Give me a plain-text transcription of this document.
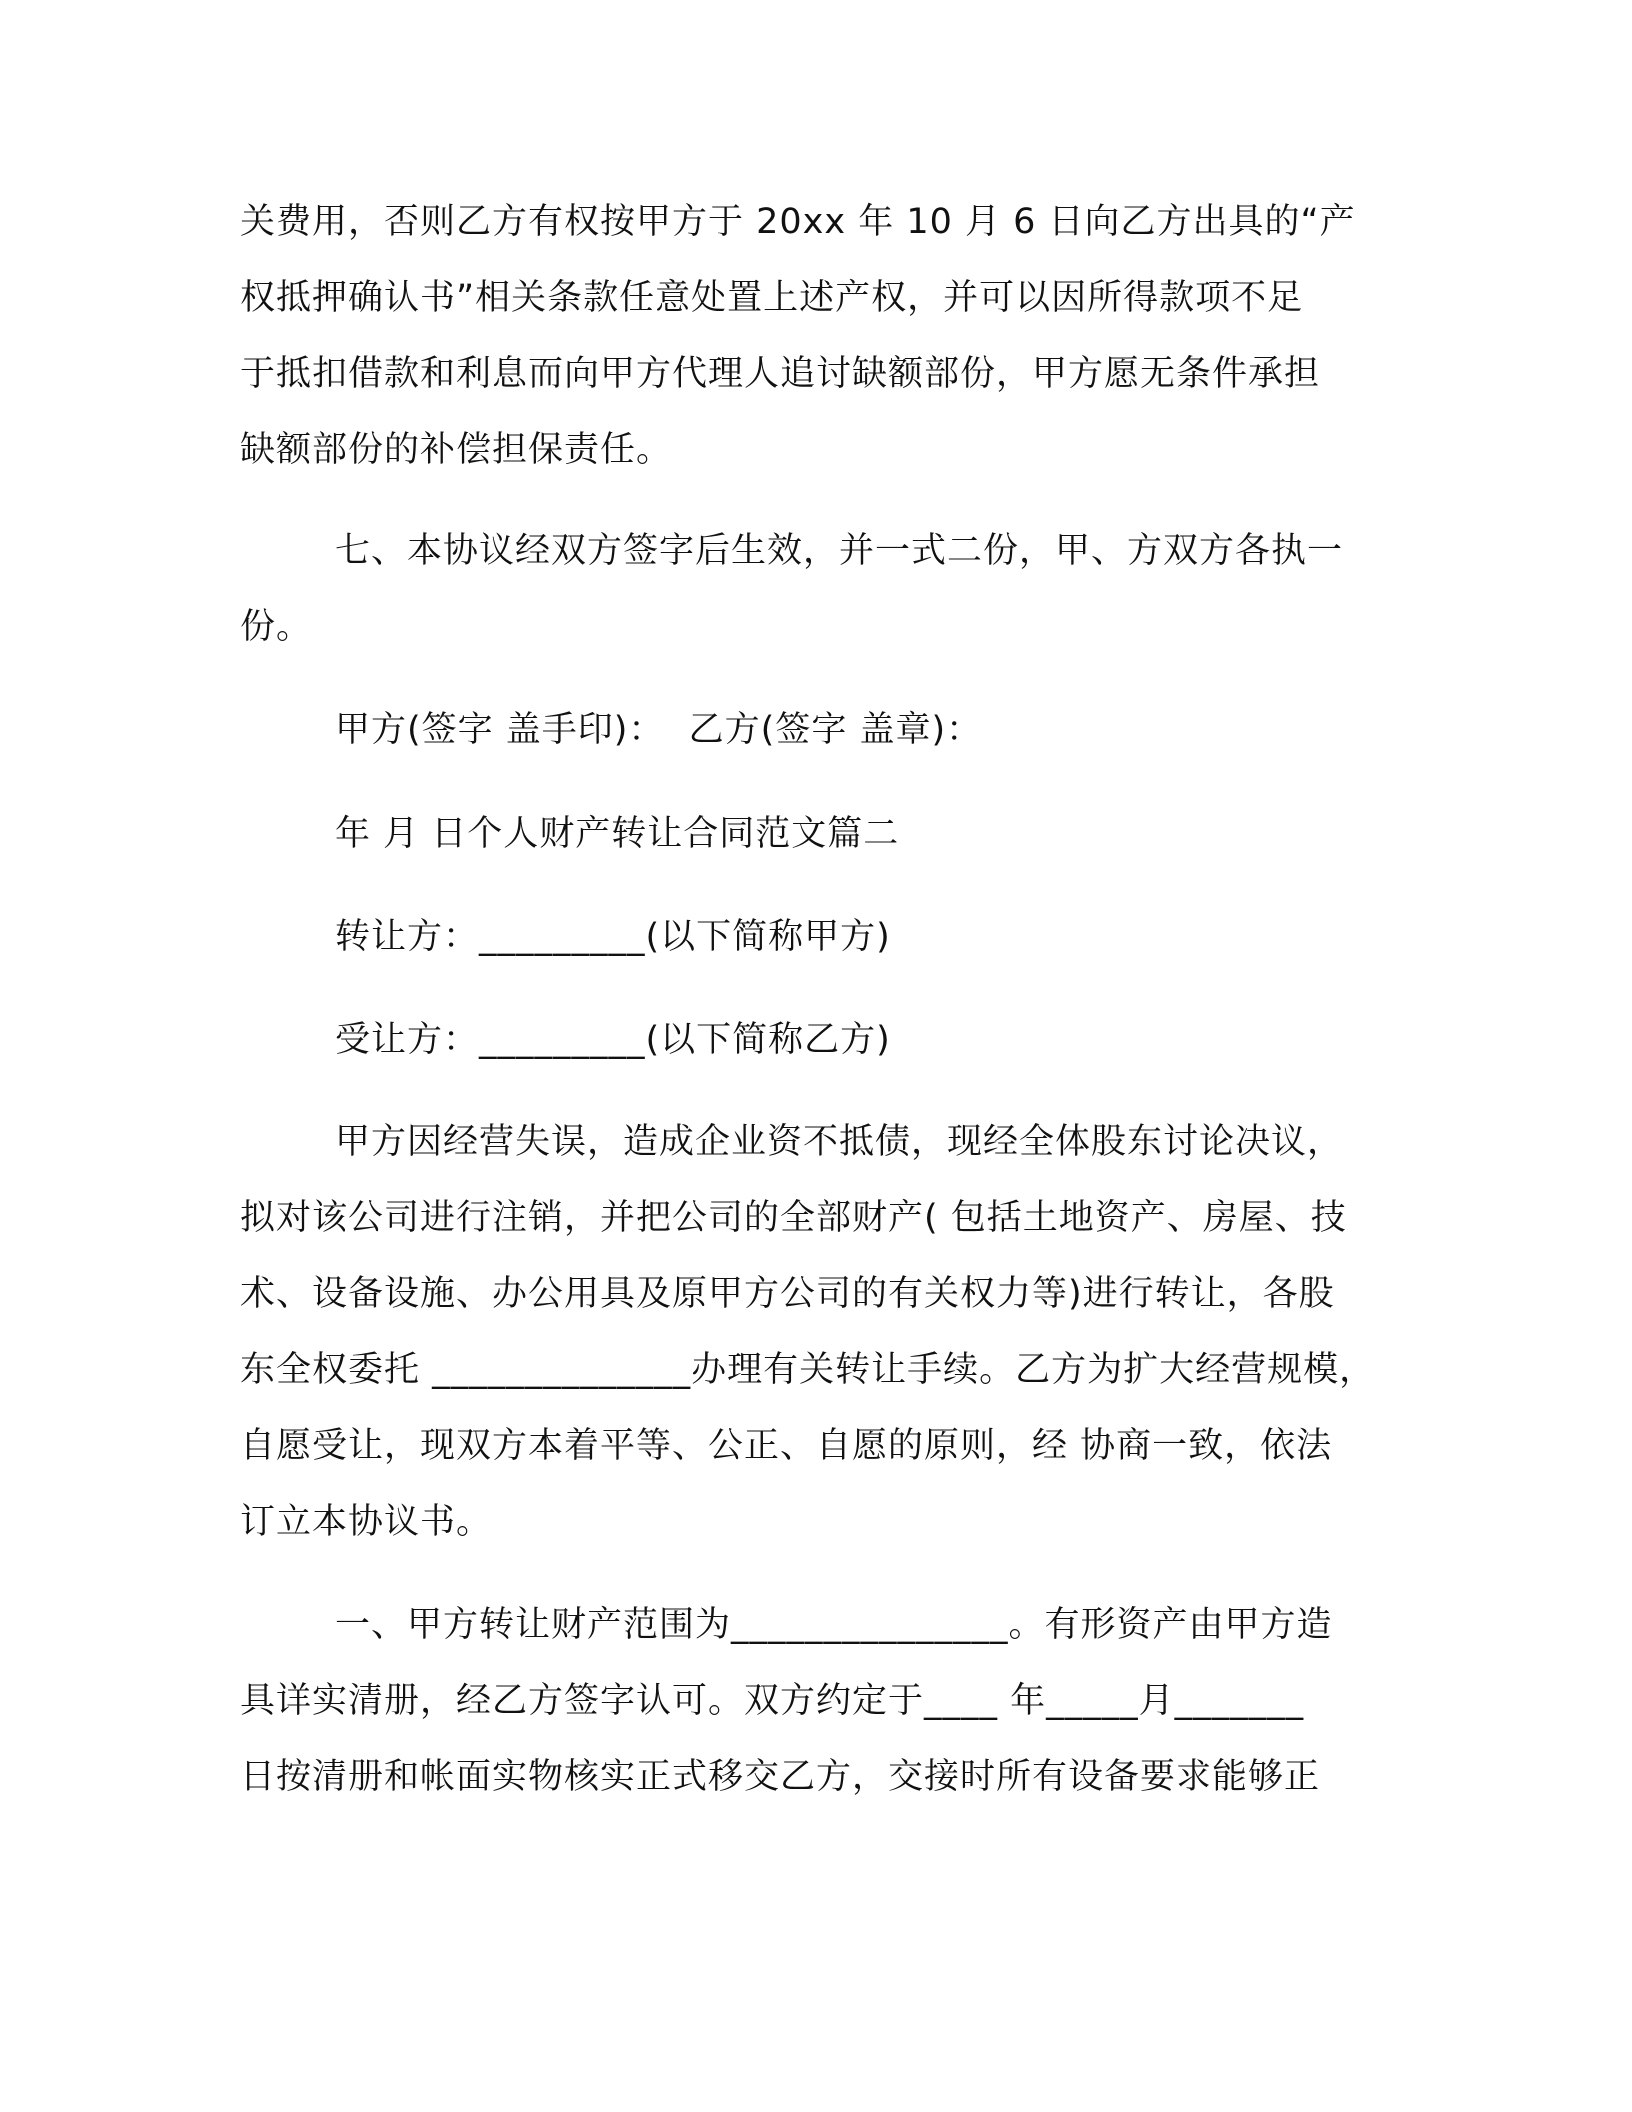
关费用，否则乙方有权按甲方于 20xx 年 10 月 6 日向乙方出具的“产
权抵押确认书”相关条款任意处置上述产权，并可以因所得款项不足
于抵扣借款和利息而向甲方代理人追讨缺额部份，甲方愿无条件承担
缺额部份的补偿担保责任。
七、本协议经双方签字后生效，并一式二份，甲、方双方各执一
份。
甲方(签字 盖手印)：  乙方(签字 盖章)：
年 月 日个人财产转让合同范文篇二
转让方：_________(以下简称甲方)
受让方：_________(以下简称乙方)
甲方因经营失误，造成企业资不抵债，现经全体股东讨论决议，
拟对该公司进行注销，并把公司的全部财产( 包括土地资产、房屋、技
术、设备设施、办公用具及原甲方公司的有关权力等)进行转让，各股
东全权委托 ______________办理有关转让手续。乙方为扩大经营规模，
自愿受让，现双方本着平等、公正、自愿的原则，经 协商一致，依法
订立本协议书。
一、甲方转让财产范围为_______________。有形资产由甲方造
具详实清册，经乙方签字认可。双方约定于____ 年_____月_______
日按清册和帐面实物核实正式移交乙方，交接时所有设备要求能够正
